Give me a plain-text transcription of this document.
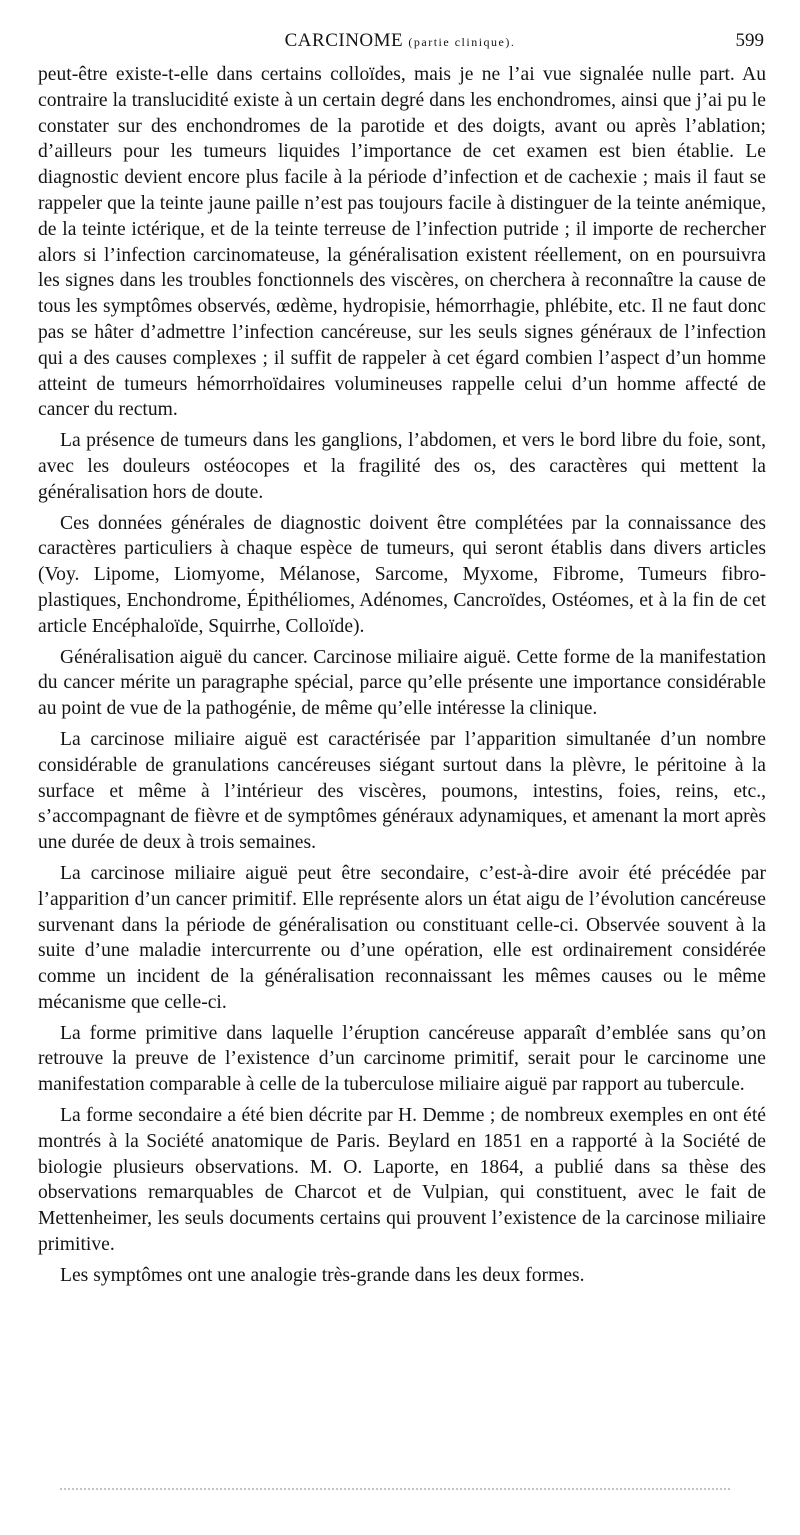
CARCINOME (partie clinique).	599

peut-être existe-t-elle dans certains colloïdes, mais je ne l’ai vue signalée nulle part. Au contraire la translucidité existe à un certain degré dans les enchondromes, ainsi que j’ai pu le constater sur des enchondromes de la parotide et des doigts, avant ou après l’ablation; d’ailleurs pour les tumeurs liquides l’importance de cet examen est bien établie. Le diagnostic devient encore plus facile à la période d’infection et de cachexie ; mais il faut se rappeler que la teinte jaune paille n’est pas toujours facile à distinguer de la teinte anémique, de la teinte ictérique, et de la teinte terreuse de l’infection putride ; il importe de rechercher alors si l’infection carcinomateuse, la généralisation existent réellement, on en poursuivra les signes dans les troubles fonctionnels des viscères, on cherchera à reconnaître la cause de tous les symptômes observés, œdème, hydropisie, hémorrhagie, phlébite, etc. Il ne faut donc pas se hâter d’admettre l’infection cancéreuse, sur les seuls signes généraux de l’infection qui a des causes complexes ; il suffit de rappeler à cet égard combien l’aspect d’un homme atteint de tumeurs hémorrhoïdaires volumineuses rappelle celui d’un homme affecté de cancer du rectum.

La présence de tumeurs dans les ganglions, l’abdomen, et vers le bord libre du foie, sont, avec les douleurs ostéocopes et la fragilité des os, des caractères qui mettent la généralisation hors de doute.

Ces données générales de diagnostic doivent être complétées par la connaissance des caractères particuliers à chaque espèce de tumeurs, qui seront établis dans divers articles (Voy. Lipome, Liomyome, Mélanose, Sarcome, Myxome, Fibrome, Tumeurs fibro-plastiques, Enchondrome, Épithéliomes, Adénomes, Cancroïdes, Ostéomes, et à la fin de cet article Encéphaloïde, Squirrhe, Colloïde).

Généralisation aiguë du cancer. Carcinose miliaire aiguë. Cette forme de la manifestation du cancer mérite un paragraphe spécial, parce qu’elle présente une importance considérable au point de vue de la pathogénie, de même qu’elle intéresse la clinique.

La carcinose miliaire aiguë est caractérisée par l’apparition simultanée d’un nombre considérable de granulations cancéreuses siégant surtout dans la plèvre, le péritoine à la surface et même à l’intérieur des viscères, poumons, intestins, foies, reins, etc., s’accompagnant de fièvre et de symptômes généraux adynamiques, et amenant la mort après une durée de deux à trois semaines.

La carcinose miliaire aiguë peut être secondaire, c’est-à-dire avoir été précédée par l’apparition d’un cancer primitif. Elle représente alors un état aigu de l’évolution cancéreuse survenant dans la période de généralisation ou constituant celle-ci. Observée souvent à la suite d’une maladie intercurrente ou d’une opération, elle est ordinairement considérée comme un incident de la généralisation reconnaissant les mêmes causes ou le même mécanisme que celle-ci.

La forme primitive dans laquelle l’éruption cancéreuse apparaît d’emblée sans qu’on retrouve la preuve de l’existence d’un carcinome primitif, serait pour le carcinome une manifestation comparable à celle de la tuberculose miliaire aiguë par rapport au tubercule.

La forme secondaire a été bien décrite par H. Demme ; de nombreux exemples en ont été montrés à la Société anatomique de Paris. Beylard en 1851 en a rapporté à la Société de biologie plusieurs observations. M. O. Laporte, en 1864, a publié dans sa thèse des observations remarquables de Charcot et de Vulpian, qui constituent, avec le fait de Mettenheimer, les seuls documents certains qui prouvent l’existence de la carcinose miliaire primitive.

Les symptômes ont une analogie très-grande dans les deux formes.
